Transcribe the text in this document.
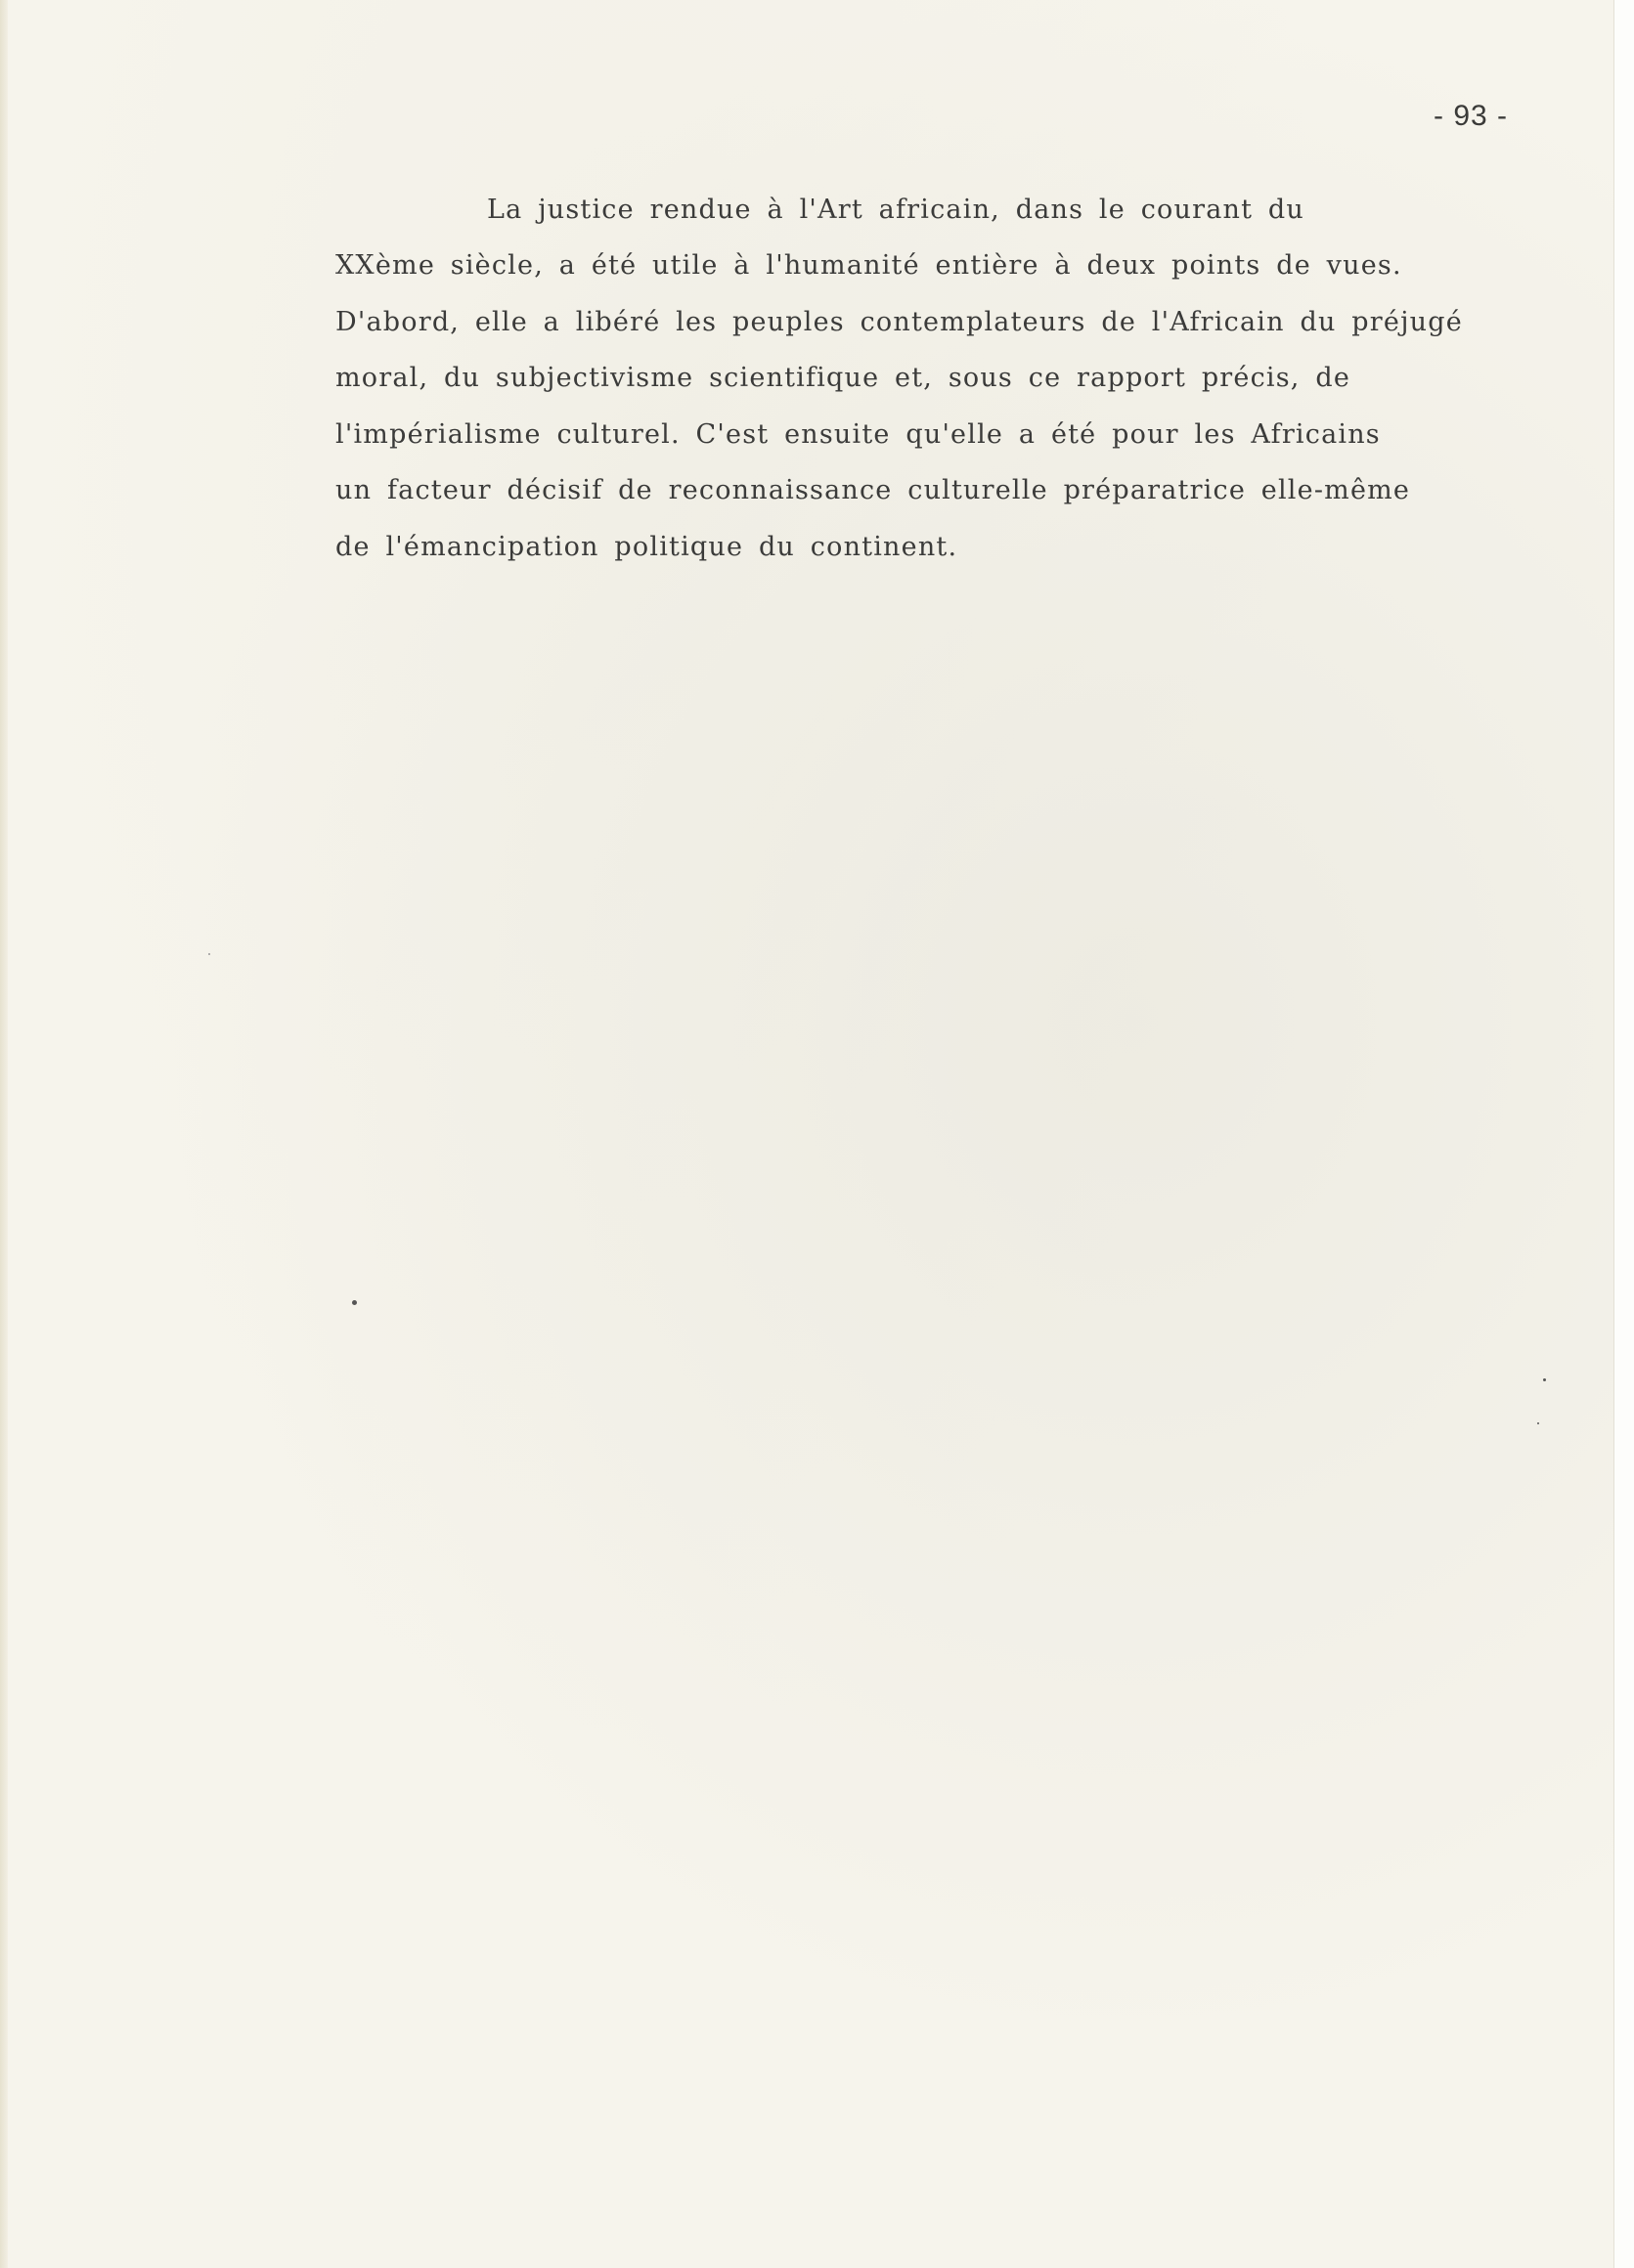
- 93 -
La justice rendue à l'Art africain, dans le courant du
XXème siècle, a été utile à l'humanité entière à deux points de vues.
D'abord, elle a libéré les peuples contemplateurs de l'Africain du préjugé
moral, du subjectivisme scientifique et, sous ce rapport précis, de
l'impérialisme culturel. C'est ensuite qu'elle a été pour les Africains
un facteur décisif de reconnaissance culturelle préparatrice elle-même
de l'émancipation politique du continent.
